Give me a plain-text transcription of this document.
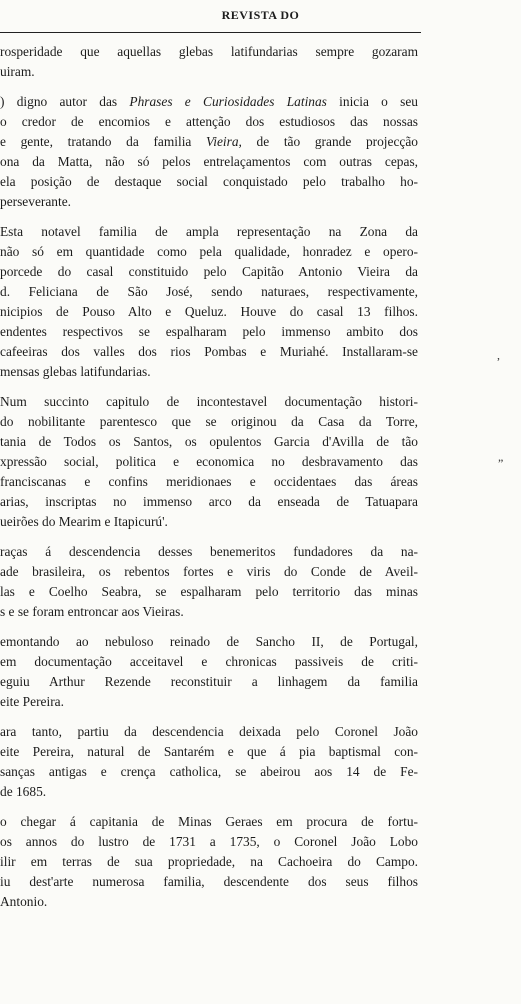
REVISTA DO
rosperidade que aquellas glebas latifundarias sempre gozaram
uiram.
) digno autor das Phrases e Curiosidades Latinas inicia o seu
o credor de encomios e attenção dos estudiosos das nossas
e gente, tratando da familia Vieira, de tão grande projecção
ona da Matta, não só pelos entrelaçamentos com outras cepas,
ela posição de destaque social conquistado pelo trabalho ho-
perseverante.
Esta notavel familia de ampla representação na Zona da
não só em quantidade como pela qualidade, honradez e opero-
porcede do casal constituido pelo Capitão Antonio Vieira da
d. Feliciana de São José, sendo naturaes, respectivamente,
nicipios de Pouso Alto e Queluz. Houve do casal 13 filhos.
endentes respectivos se espalharam pelo immenso ambito dos
cafeeiras dos valles dos rios Pombas e Muriahé. Installaram-se
mensas glebas latifundarias.
Num succinto capitulo de incontestavel documentação histori-
do nobilitante parentesco que se originou da Casa da Torre,
tania de Todos os Santos, os opulentos Garcia d'Avilla de tão
xpressão social, politica e economica no desbravamento das
franciscanas e confins meridionaes e occidentaes das áreas
arias, inscriptas no immenso arco da enseada de Tatuapara
ueirões do Mearim e Itapicurú'.
raças á descendencia desses benemeritos fundadores da na-
ade brasileira, os rebentos fortes e viris do Conde de Aveil-
las e Coelho Seabra, se espalharam pelo territorio das minas
s e se foram entroncar aos Vieiras.
emontando ao nebuloso reinado de Sancho II, de Portugal,
em documentação acceitavel e chronicas passiveis de criti-
eguiu Arthur Rezende reconstituir a linhagem da familia
eite Pereira.
ara tanto, partiu da descendencia deixada pelo Coronel João
eite Pereira, natural de Santarém e que á pia baptismal con-
sanças antigas e crença catholica, se abeirou aos 14 de Fe-
de 1685.
o chegar á capitania de Minas Geraes em procura de fortu-
os annos do lustro de 1731 a 1735, o Coronel João Lobo
ilir em terras de sua propriedade, na Cachoeira do Campo.
iu dest'arte numerosa familia, descendente dos seus filhos
Antonio.
,
”
